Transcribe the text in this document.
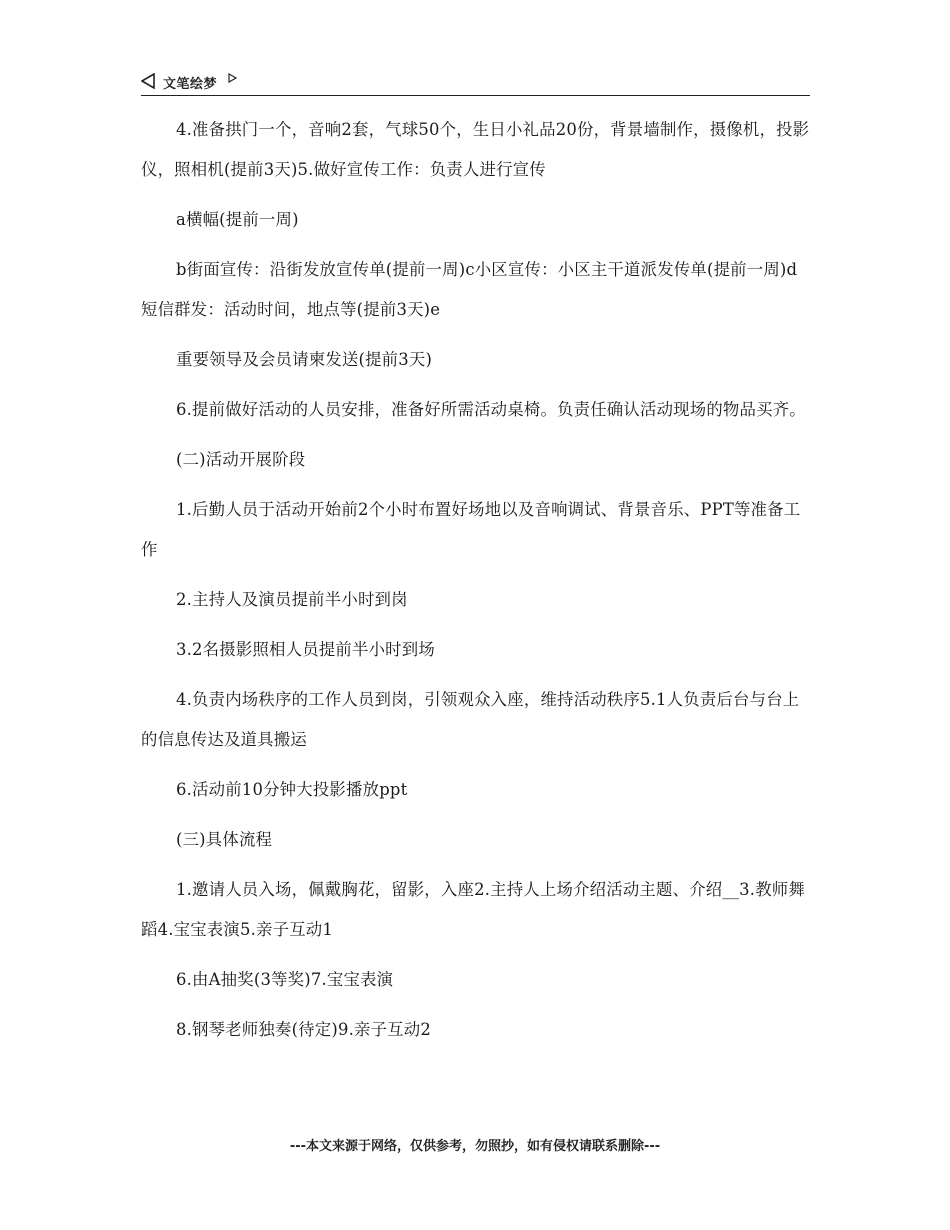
文笔绘梦

4.准备拱门一个，音响2套，气球50个，生日小礼品20份，背景墙制作，摄像机，投影仪，照相机(提前3天)5.做好宣传工作：负责人进行宣传

a横幅(提前一周)

b街面宣传：沿街发放宣传单(提前一周)c小区宣传：小区主干道派发传单(提前一周)d短信群发：活动时间，地点等(提前3天)e

重要领导及会员请柬发送(提前3天)

6.提前做好活动的人员安排，准备好所需活动桌椅。负责任确认活动现场的物品买齐。

(二)活动开展阶段

1.后勤人员于活动开始前2个小时布置好场地以及音响调试、背景音乐、PPT等准备工作

2.主持人及演员提前半小时到岗

3.2名摄影照相人员提前半小时到场

4.负责内场秩序的工作人员到岗，引领观众入座，维持活动秩序5.1人负责后台与台上的信息传达及道具搬运

6.活动前10分钟大投影播放ppt

(三)具体流程

1.邀请人员入场，佩戴胸花，留影，入座2.主持人上场介绍活动主题、介绍__3.教师舞蹈4.宝宝表演5.亲子互动1

6.由A抽奖(3等奖)7.宝宝表演

8.钢琴老师独奏(待定)9.亲子互动2

---本文来源于网络，仅供参考，勿照抄，如有侵权请联系删除---
